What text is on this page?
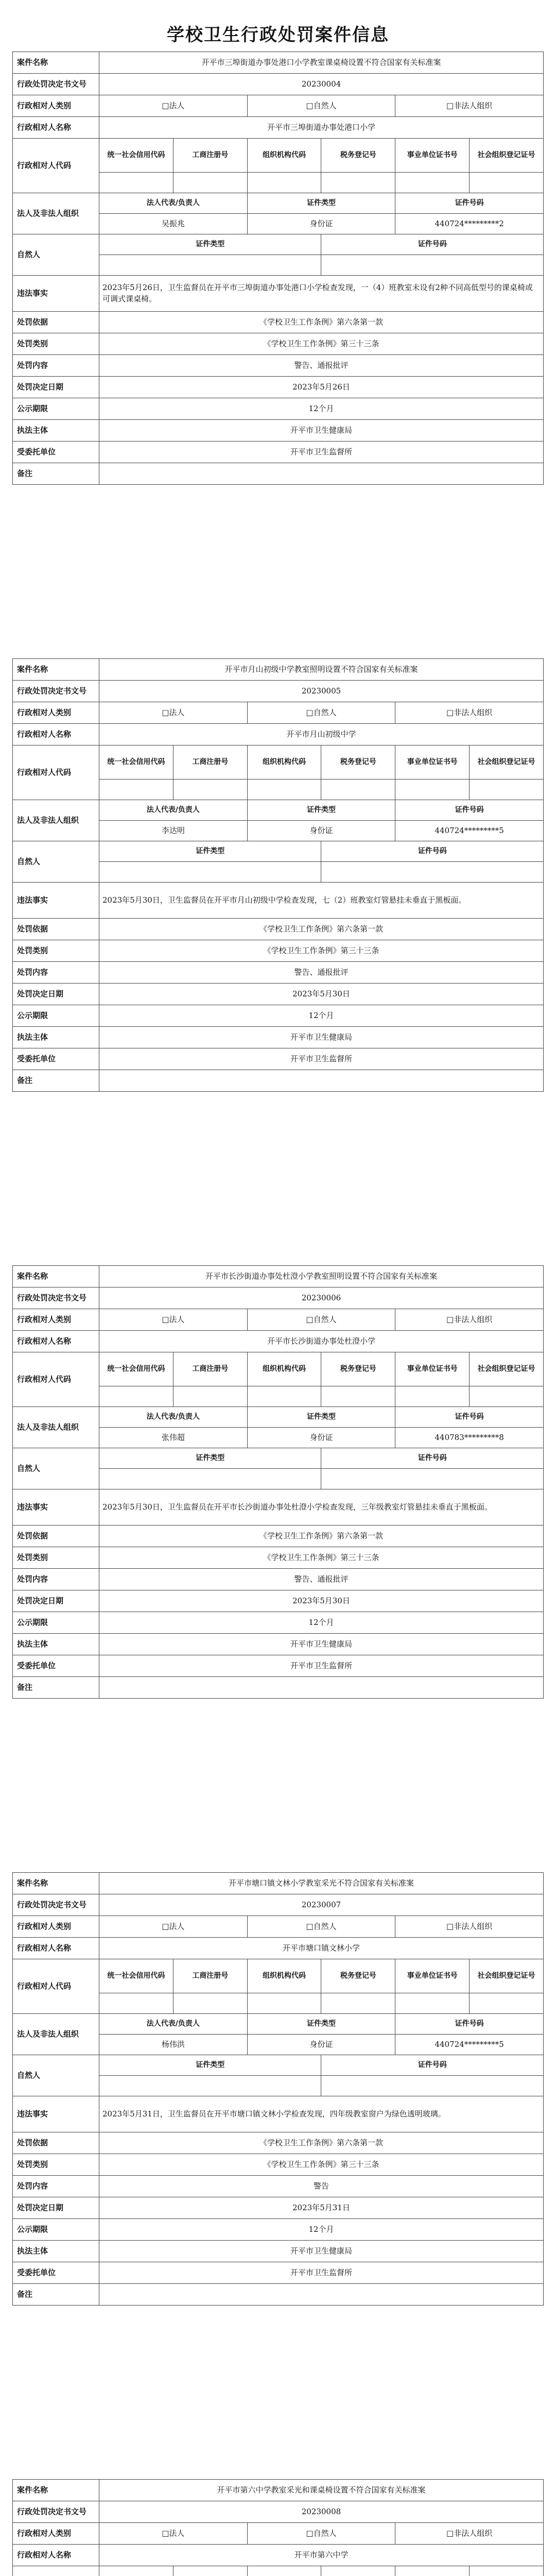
学校卫生行政处罚案件信息
案件名称	开平市三埠街道办事处港口小学教室课桌椅设置不符合国家有关标准案					
行政处罚决定书文号	20230004					
行政相对人类别	□法人		□自然人		□非法人组织	
行政相对人名称	开平市三埠街道办事处港口小学					
行政相对人代码	统一社会信用代码	工商注册号	组织机构代码	税务登记号	事业单位证书号	社会组织登记证号

法人及非法人组织	法人代表/负责人		证件类型		证件号码	
	吴振兆		身份证		440724*********2	
自然人	证件类型			证件号码		

违法事实	2023年5月26日，卫生监督员在开平市三埠街道办事处港口小学检查发现，一（4）班教室未设有2种不同高低型号的课桌椅或可调式课桌椅。					
处罚依据	《学校卫生工作条例》第六条第一款					
处罚类别	《学校卫生工作条例》第三十三条					
处罚内容	警告、通报批评					
处罚决定日期	2023年5月26日					
公示期限	12个月					
执法主体	开平市卫生健康局					
受委托单位	开平市卫生监督所					
备注						
案件名称	开平市月山初级中学教室照明设置不符合国家有关标准案					
行政处罚决定书文号	20230005					
行政相对人类别	□法人		□自然人		□非法人组织	
行政相对人名称	开平市月山初级中学					
行政相对人代码	统一社会信用代码	工商注册号	组织机构代码	税务登记号	事业单位证书号	社会组织登记证号

法人及非法人组织	法人代表/负责人		证件类型		证件号码	
	李达明		身份证		440724*********5	
自然人	证件类型			证件号码		

违法事实	2023年5月30日，卫生监督员在开平市月山初级中学检查发现，七（2）班教室灯管悬挂未垂直于黑板面。					
处罚依据	《学校卫生工作条例》第六条第一款					
处罚类别	《学校卫生工作条例》第三十三条					
处罚内容	警告、通报批评					
处罚决定日期	2023年5月30日					
公示期限	12个月					
执法主体	开平市卫生健康局					
受委托单位	开平市卫生监督所					
备注						
案件名称	开平市长沙街道办事处杜澄小学教室照明设置不符合国家有关标准案					
行政处罚决定书文号	20230006					
行政相对人类别	□法人		□自然人		□非法人组织	
行政相对人名称	开平市长沙街道办事处杜澄小学					
行政相对人代码	统一社会信用代码	工商注册号	组织机构代码	税务登记号	事业单位证书号	社会组织登记证号

法人及非法人组织	法人代表/负责人		证件类型		证件号码	
	张伟超		身份证		440783*********8	
自然人	证件类型			证件号码		

违法事实	2023年5月30日，卫生监督员在开平市长沙街道办事处杜澄小学检查发现，三年级教室灯管悬挂未垂直于黑板面。					
处罚依据	《学校卫生工作条例》第六条第一款					
处罚类别	《学校卫生工作条例》第三十三条					
处罚内容	警告、通报批评					
处罚决定日期	2023年5月30日					
公示期限	12个月					
执法主体	开平市卫生健康局					
受委托单位	开平市卫生监督所					
备注						
案件名称	开平市塘口镇文林小学教室采光不符合国家有关标准案					
行政处罚决定书文号	20230007					
行政相对人类别	□法人		□自然人		□非法人组织	
行政相对人名称	开平市塘口镇文林小学					
行政相对人代码	统一社会信用代码	工商注册号	组织机构代码	税务登记号	事业单位证书号	社会组织登记证号

法人及非法人组织	法人代表/负责人		证件类型		证件号码	
	杨伟洪		身份证		440724*********5	
自然人	证件类型			证件号码		

违法事实	2023年5月31日，卫生监督员在开平市塘口镇文林小学检查发现，四年级教室窗户为绿色透明玻璃。					
处罚依据	《学校卫生工作条例》第六条第一款					
处罚类别	《学校卫生工作条例》第三十三条					
处罚内容	警告					
处罚决定日期	2023年5月31日					
公示期限	12个月					
执法主体	开平市卫生健康局					
受委托单位	开平市卫生监督所					
备注						
案件名称	开平市第六中学教室采光和课桌椅设置不符合国家有关标准案					
行政处罚决定书文号	20230008					
行政相对人类别	□法人		□自然人		□非法人组织	
行政相对人名称	开平市第六中学					
